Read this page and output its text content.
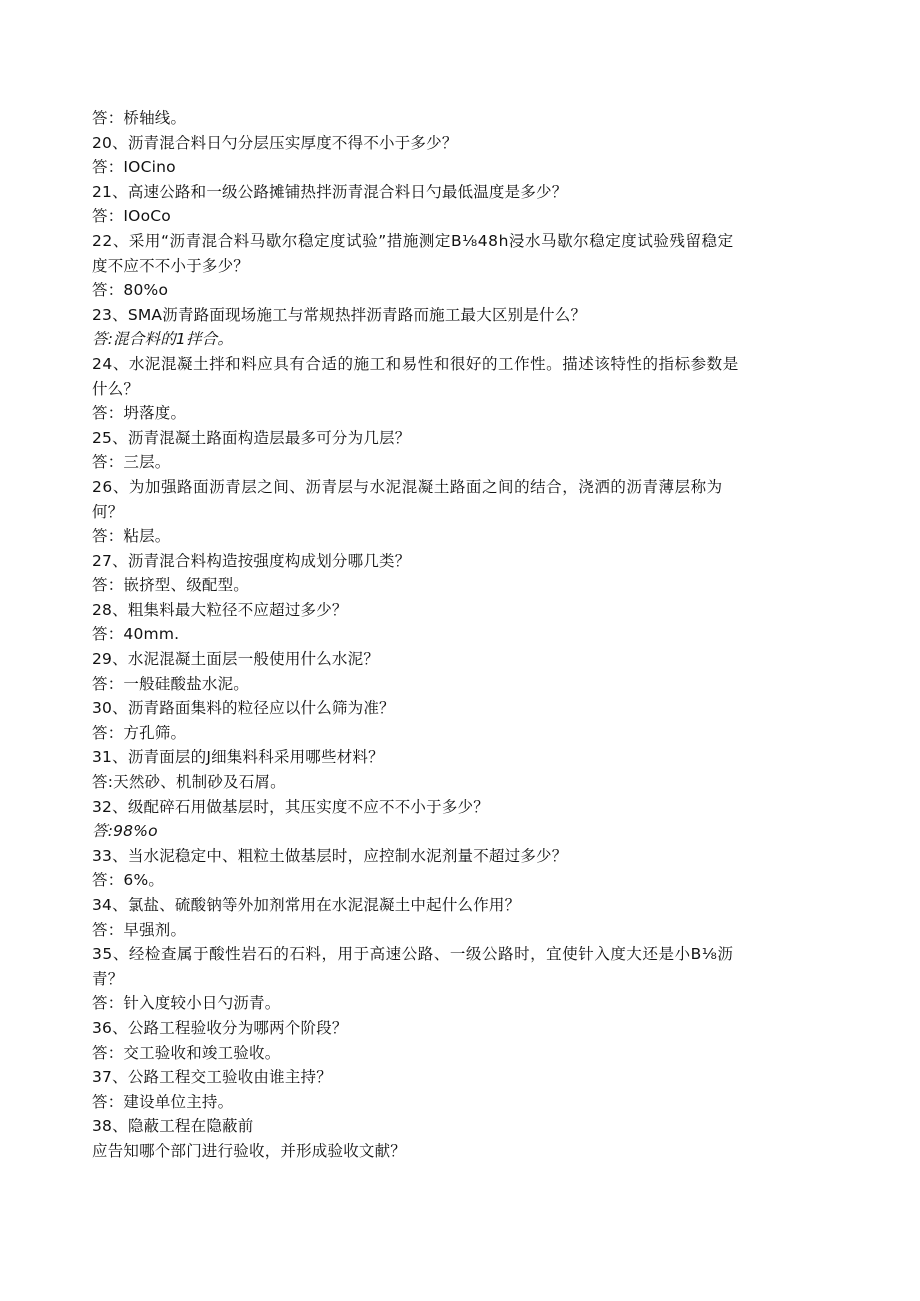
答：桥轴线。
20、沥青混合料日勺分层压实厚度不得不小于多少？
答：IOCino
21、高速公路和一级公路摊铺热拌沥青混合料日勺最低温度是多少？
答：IOoCo
22、采用“沥青混合料马歇尔稳定度试验”措施测定B⅛48h浸水马歇尔稳定度试验残留稳定
度不应不不小于多少？
答：80%o
23、SMA沥青路面现场施工与常规热拌沥青路而施工最大区别是什么？
答:混合料的1拌合。
24、水泥混凝土拌和料应具有合适的施工和易性和很好的工作性。描述该特性的指标参数是
什么？
答：坍落度。
25、沥青混凝土路面构造层最多可分为几层？
答：三层。
26、为加强路面沥青层之间、沥青层与水泥混凝土路面之间的结合，浇洒的沥青薄层称为
何？
答：粘层。
27、沥青混合料构造按强度构成划分哪几类？
答：嵌挤型、级配型。
28、粗集料最大粒径不应超过多少？
答：40mm.
29、水泥混凝土面层一般使用什么水泥？
答：一般硅酸盐水泥。
30、沥青路面集料的粒径应以什么筛为准？
答：方孔筛。
31、沥青面层的J细集料科采用哪些材料？
答:天然砂、机制砂及石屑。
32、级配碎石用做基层时，其压实度不应不不小于多少？
答:98%o
33、当水泥稳定中、粗粒土做基层时，应控制水泥剂量不超过多少？
答：6%。
34、氯盐、硫酸钠等外加剂常用在水泥混凝土中起什么作用？
答：早强剂。
35、经检查属于酸性岩石的石料，用于高速公路、一级公路时，宜使针入度大还是小B⅛沥
青？
答：针入度较小日勺沥青。
36、公路工程验收分为哪两个阶段？
答：交工验收和竣工验收。
37、公路工程交工验收由谁主持？
答：建设单位主持。
38、隐蔽工程在隐蔽前
应告知哪个部门进行验收，并形成验收文献？
